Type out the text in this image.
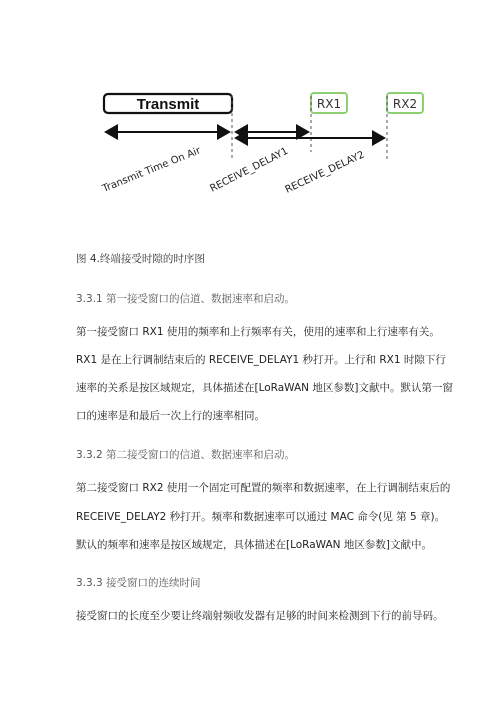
Transmit	RX1	RX2
Transmit Time On Air RECEIVE_DELAY1
RECEIVE_DELAY2
图 4.终端接受时隙的时序图
3.3.1 第一接受窗口的信道、数据速率和启动。
第一接受窗口 RX1 使用的频率和上行频率有关，使用的速率和上行速率有关。
RX1 是在上行调制结束后的 RECEIVE_DELAY1 秒打开。上行和 RX1 时隙下行
速率的关系是按区域规定，具体描述在[LoRaWAN 地区参数]文献中。默认第一窗
口的速率是和最后一次上行的速率相同。
3.3.2 第二接受窗口的信道、数据速率和启动。
第二接受窗口 RX2 使用一个固定可配置的频率和数据速率，在上行调制结束后的
RECEIVE_DELAY2 秒打开。频率和数据速率可以通过 MAC 命令(见 第 5 章)。
默认的频率和速率是按区域规定，具体描述在[LoRaWAN 地区参数]文献中。
3.3.3 接受窗口的连续时间
接受窗口的长度至少要让终端射频收发器有足够的时间来检测到下行的前导码。
